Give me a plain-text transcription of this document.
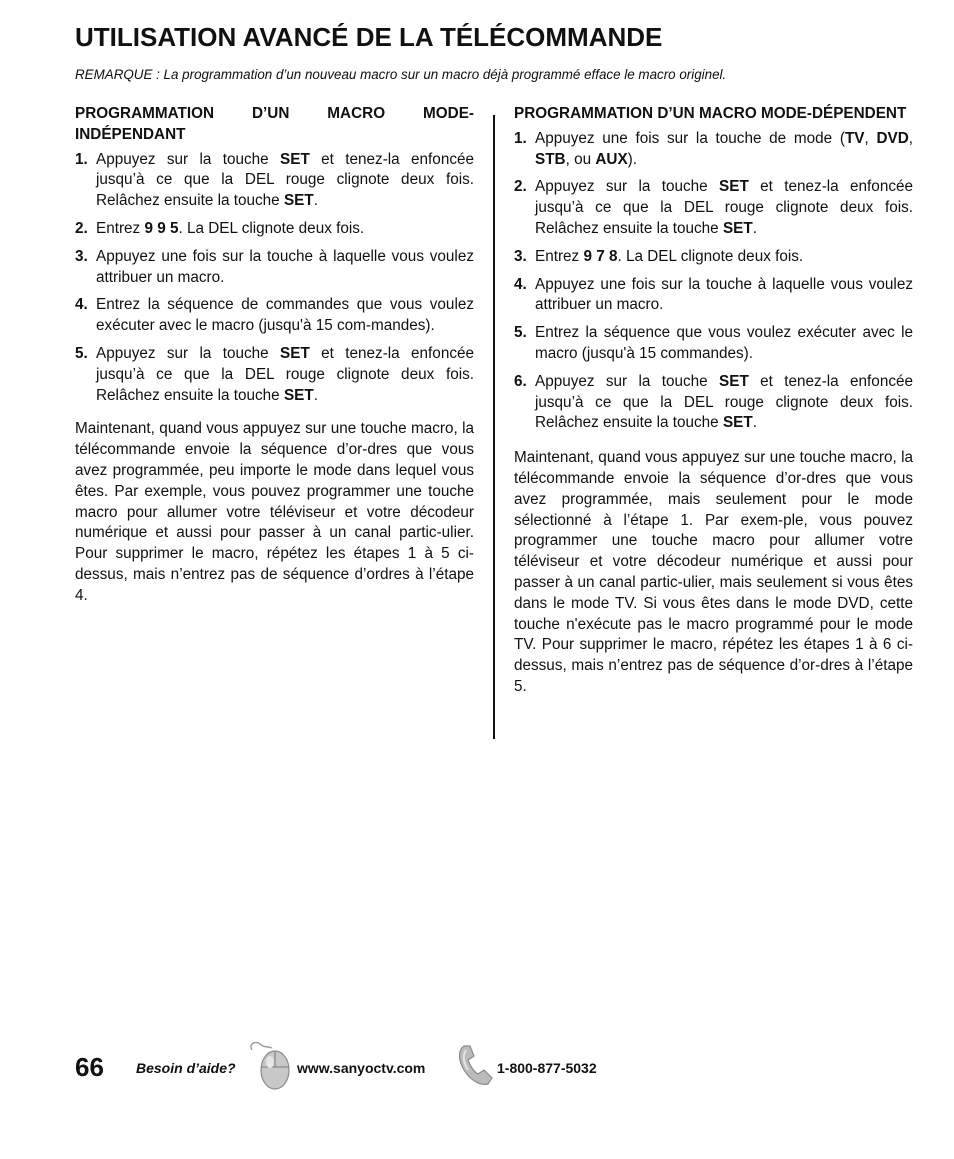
UTILISATION AVANCÉ DE LA TÉLÉCOMMANDE
REMARQUE : La programmation d’un nouveau macro sur un macro déjà programmé efface le macro originel.
PROGRAMMATION D’UN MACRO MODE-INDÉPENDANT
1. Appuyez sur la touche SET et tenez-la enfoncée jusqu’à ce que la DEL rouge clignote deux fois. Relâchez ensuite la touche SET.
2. Entrez 9 9 5. La DEL clignote deux fois.
3. Appuyez une fois sur la touche à laquelle vous voulez attribuer un macro.
4. Entrez la séquence de commandes que vous voulez exécuter avec le macro (jusqu'à 15 com-mandes).
5. Appuyez sur la touche SET et tenez-la enfoncée jusqu’à ce que la DEL rouge clignote deux fois. Relâchez ensuite la touche SET.

Maintenant, quand vous appuyez sur une touche macro, la télécommande envoie la séquence d’or-dres que vous avez programmée, peu importe le mode dans lequel vous êtes. Par exemple, vous pouvez programmer une touche macro pour allumer votre téléviseur et votre décodeur numérique et aussi pour passer à un canal partic-ulier. Pour supprimer le macro, répétez les étapes 1 à 5 ci-dessus, mais n’entrez pas de séquence d’ordres à l’étape 4.

PROGRAMMATION D’UN MACRO MODE-DÉPENDENT
1. Appuyez une fois sur la touche de mode (TV, DVD, STB, ou AUX).
2. Appuyez sur la touche SET et tenez-la enfoncée jusqu’à ce que la DEL rouge clignote deux fois. Relâchez ensuite la touche SET.
3. Entrez 9 7 8. La DEL clignote deux fois.
4. Appuyez une fois sur la touche à laquelle vous voulez attribuer un macro.
5. Entrez la séquence que vous voulez exécuter avec le macro (jusqu'à 15 commandes).
6. Appuyez sur la touche SET et tenez-la enfoncée jusqu’à ce que la DEL rouge clignote deux fois. Relâchez ensuite la touche SET.

Maintenant, quand vous appuyez sur une touche macro, la télécommande envoie la séquence d’or-dres que vous avez programmée, mais seulement pour le mode sélectionné à l’étape 1. Par exem-ple, vous pouvez programmer une touche macro pour allumer votre téléviseur et votre décodeur numérique et aussi pour passer à un canal partic-ulier, mais seulement si vous êtes dans le mode TV. Si vous êtes dans le mode DVD, cette touche n'exécute pas le macro programmé pour le mode TV. Pour supprimer le macro, répétez les étapes 1 à 6 ci-dessus, mais n’entrez pas de séquence d’or-dres à l’étape 5.

66 Besoin d’aide?	www.sanyoctv.com	1-800-877-5032
